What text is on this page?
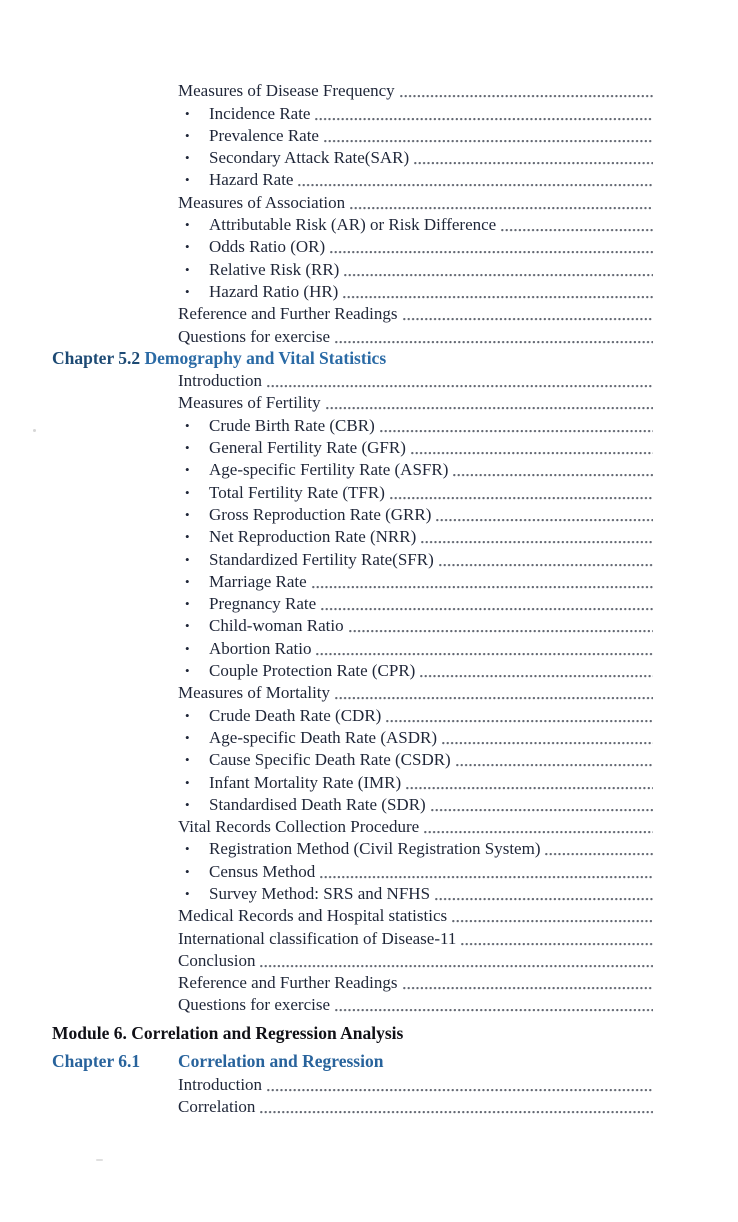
Measures of Disease Frequency
•	Incidence Rate
•	Prevalence Rate
•	Secondary Attack Rate(SAR)
•	Hazard Rate
Measures of Association
•	Attributable Risk (AR) or Risk Difference
•	Odds Ratio (OR)
•	Relative Risk (RR)
•	Hazard Ratio (HR)
Reference and Further Readings
Questions for exercise
Chapter 5.2 Demography and Vital Statistics
Introduction
Measures of Fertility
•	Crude Birth Rate (CBR)
•	General Fertility Rate (GFR)
•	Age-specific Fertility Rate (ASFR)
•	Total Fertility Rate (TFR)
•	Gross Reproduction Rate (GRR)
•	Net Reproduction Rate (NRR)
•	Standardized Fertility Rate(SFR)
•	Marriage Rate
•	Pregnancy Rate
•	Child-woman Ratio
•	Abortion Ratio
•	Couple Protection Rate (CPR)
Measures of Mortality
•	Crude Death Rate (CDR)
•	Age-specific Death Rate (ASDR)
•	Cause Specific Death Rate (CSDR)
•	Infant Mortality Rate (IMR)
•	Standardised Death Rate (SDR)
Vital Records Collection Procedure
•	Registration Method (Civil Registration System)
•	Census Method
•	Survey Method: SRS and NFHS
Medical Records and Hospital statistics
International classification of Disease-11
Conclusion
Reference and Further Readings
Questions for exercise
Module 6. Correlation and Regression Analysis
Chapter 6.1	Correlation and Regression
Introduction
Correlation
